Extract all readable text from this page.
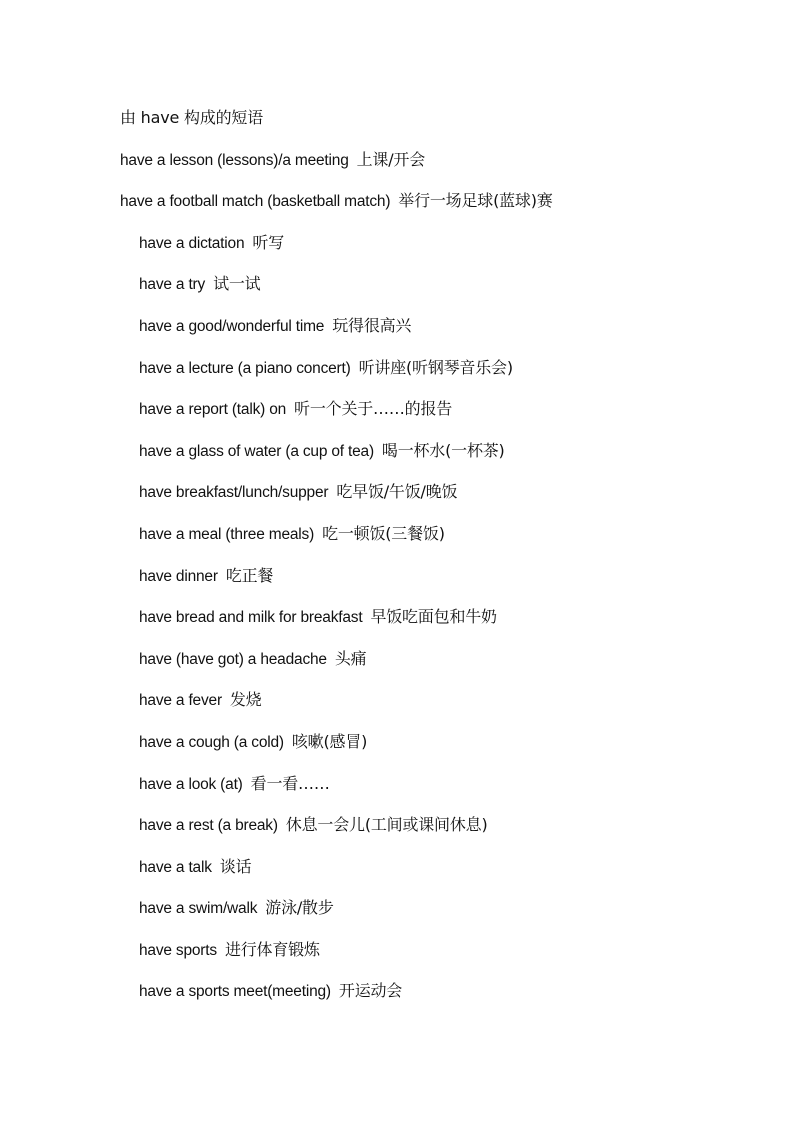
由 have 构成的短语
have a lesson (lessons)/a meeting 上课/开会
have a football match (basketball match) 举行一场足球(蓝球)赛
have a dictation 听写
have a try 试一试
have a good/wonderful time 玩得很高兴
have a lecture (a piano concert) 听讲座(听钢琴音乐会)
have a report (talk) on 听一个关于……的报告
have a glass of water (a cup of tea) 喝一杯水(一杯茶)
have breakfast/lunch/supper 吃早饭/午饭/晚饭
have a meal (three meals) 吃一顿饭(三餐饭)
have dinner 吃正餐
have bread and milk for breakfast 早饭吃面包和牛奶
have (have got) a headache 头痛
have a fever 发烧
have a cough (a cold) 咳嗽(感冒)
have a look (at) 看一看……
have a rest (a break) 休息一会儿(工间或课间休息)
have a talk 谈话
have a swim/walk 游泳/散步
have sports 进行体育锻炼
have a sports meet(meeting) 开运动会
